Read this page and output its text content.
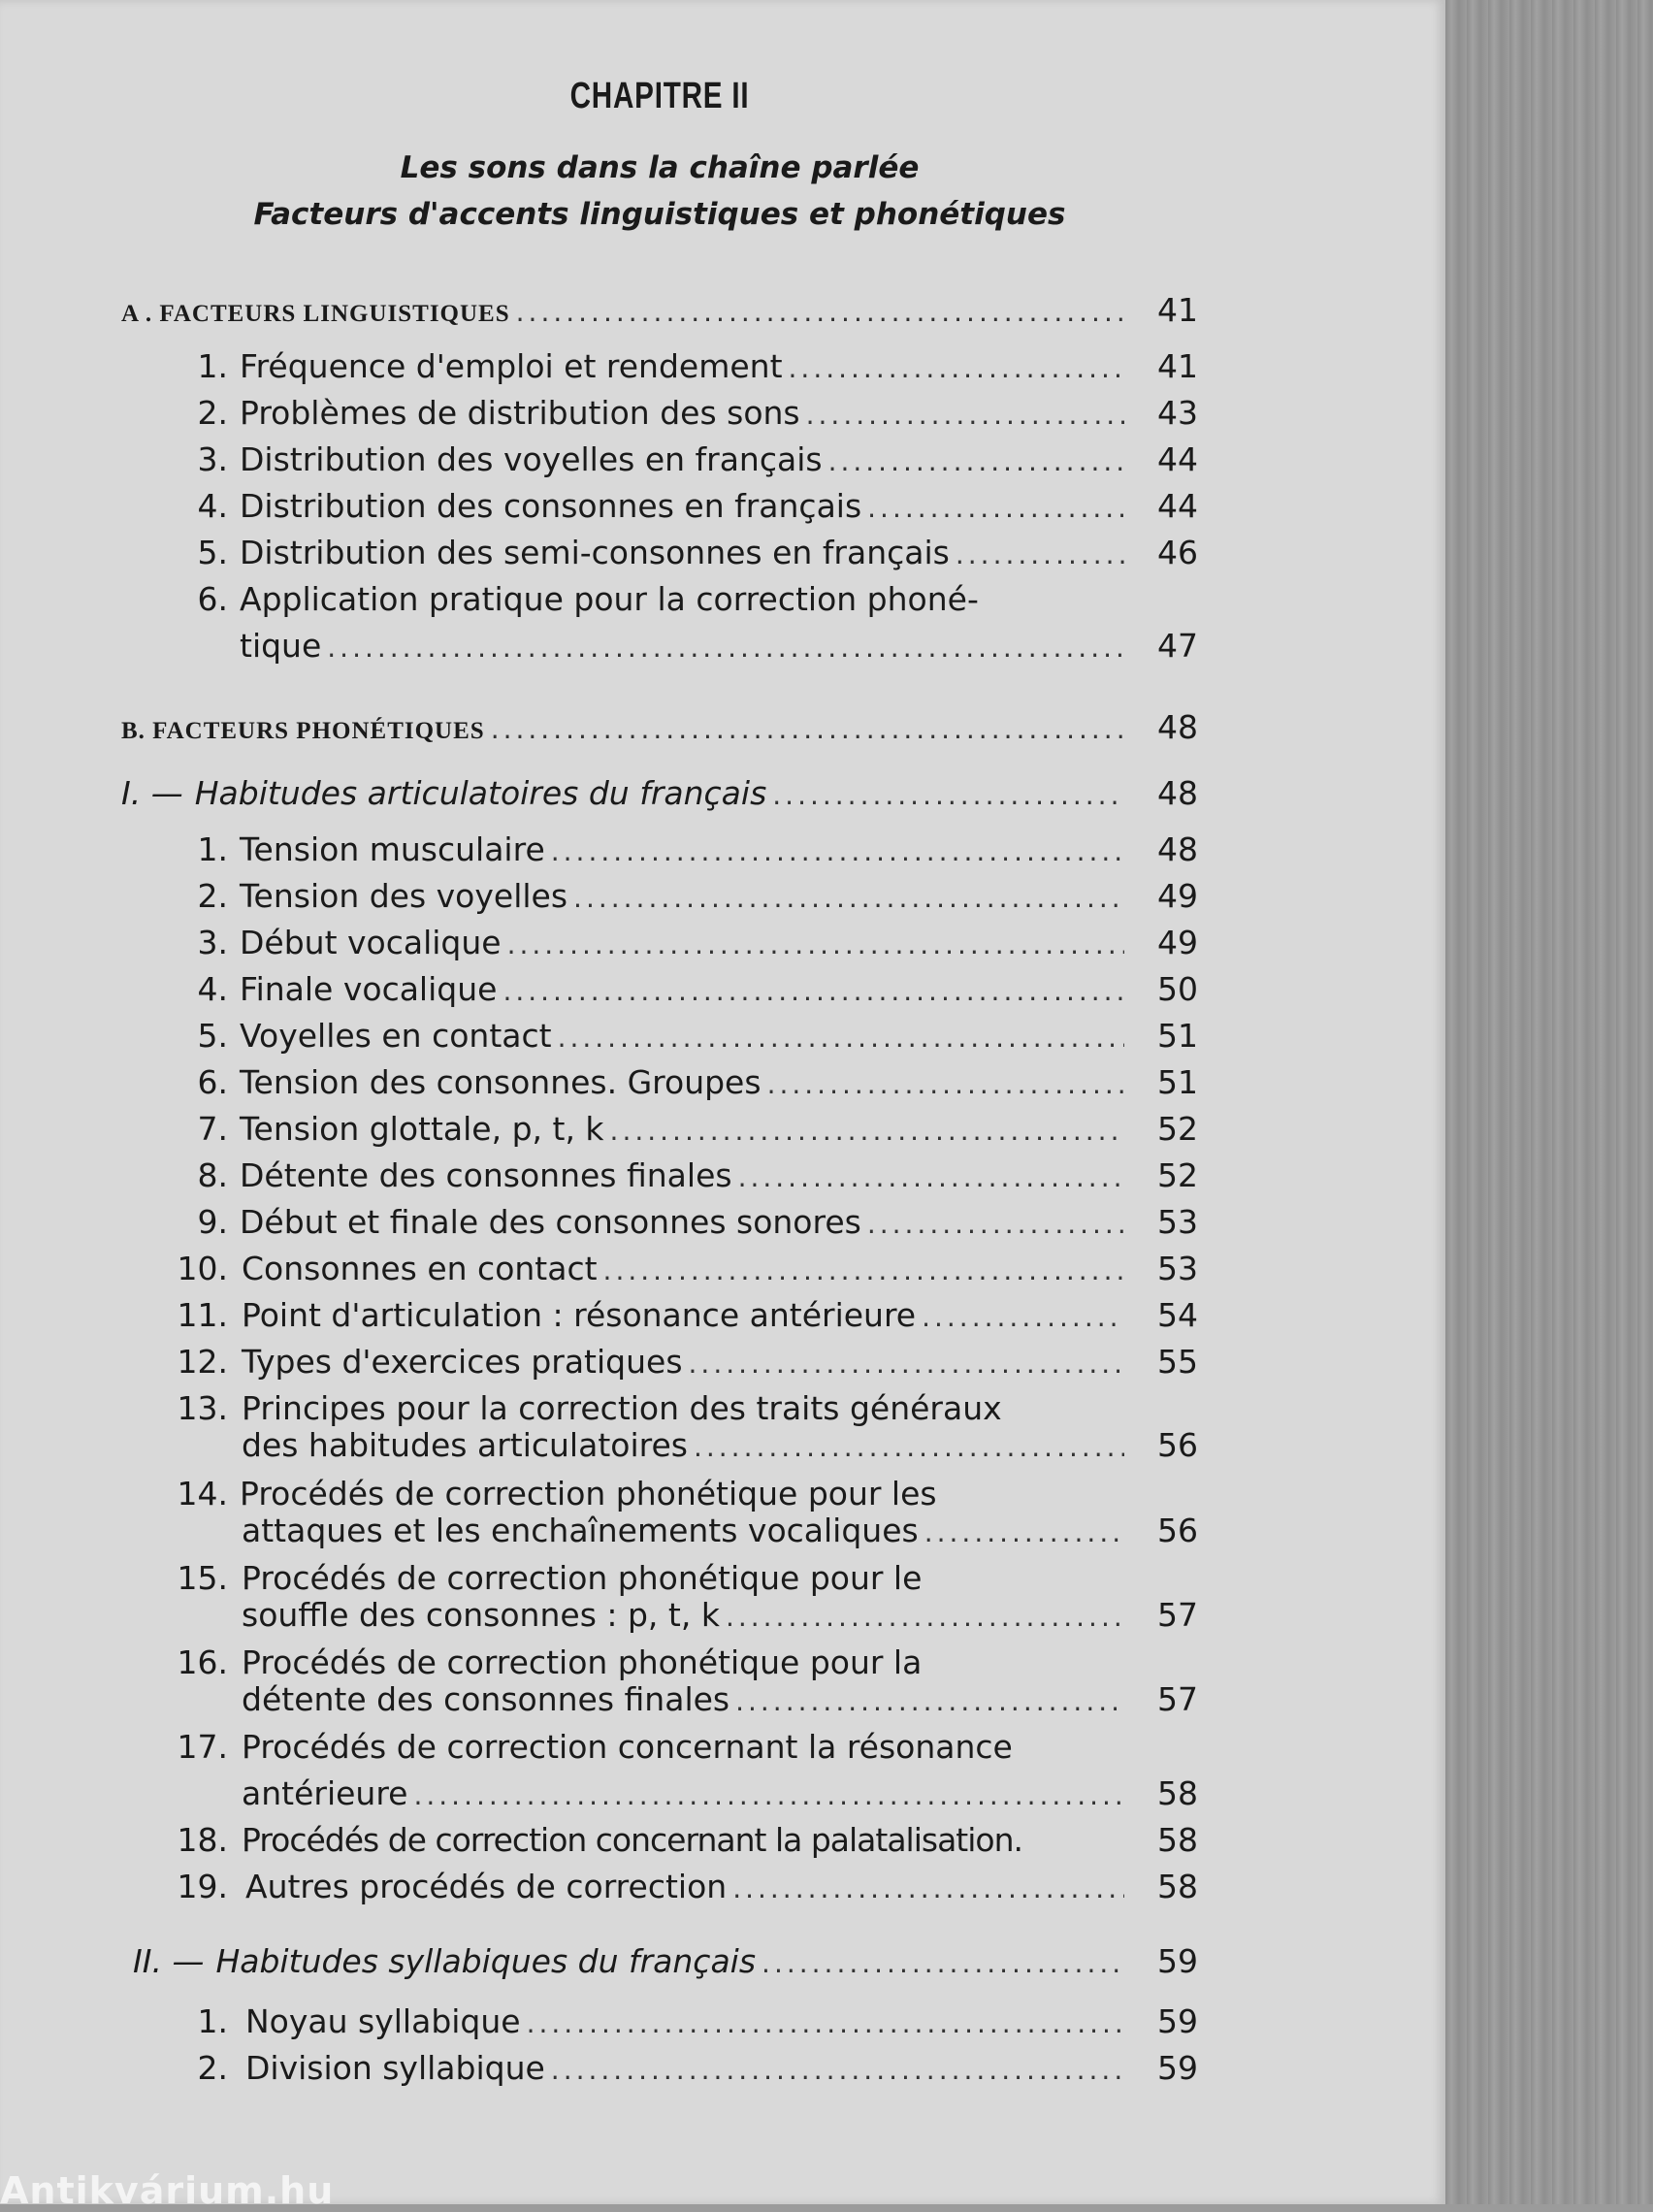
CHAPITRE II
Les sons dans la chaîne parlée
Facteurs d'accents linguistiques et phonétiques
A . FACTEURS LINGUISTIQUES .....	41
1. Fréquence d'emploi et rendement .....	41
2. Problèmes de distribution des sons .....	43
3. Distribution des voyelles en français .....	44
4. Distribution des consonnes en français .....	44
5. Distribution des semi-consonnes en français .....	46
6. Application pratique pour la correction phoné-
tique .....	47
B. FACTEURS PHONÉTIQUES .....	48
I. — Habitudes articulatoires du français .....	48
1. Tension musculaire .....	48
2. Tension des voyelles .....	49
3. Début vocalique .....	49
4. Finale vocalique .....	50
5. Voyelles en contact .....	51
6. Tension des consonnes. Groupes .....	51
7. Tension glottale, p, t, k .....	52
8. Détente des consonnes finales .....	52
9. Début et finale des consonnes sonores .....	53
10. Consonnes en contact .....	53
11. Point d'articulation : résonance antérieure .....	54
12. Types d'exercices pratiques .....	55
13. Principes pour la correction des traits généraux
des habitudes articulatoires .....	56
14. Procédés de correction phonétique pour les
attaques et les enchaînements vocaliques .....	56
15. Procédés de correction phonétique pour le
souffle des consonnes : p, t, k .....	57
16. Procédés de correction phonétique pour la
détente des consonnes finales .....	57
17. Procédés de correction concernant la résonance
antérieure .....	58
18. Procédés de correction concernant la palatalisation.	58
19. Autres procédés de correction .....	58
II. — Habitudes syllabiques du français .....	59
1. Noyau syllabique .....	59
2. Division syllabique .....	59
Antikvárium.hu
